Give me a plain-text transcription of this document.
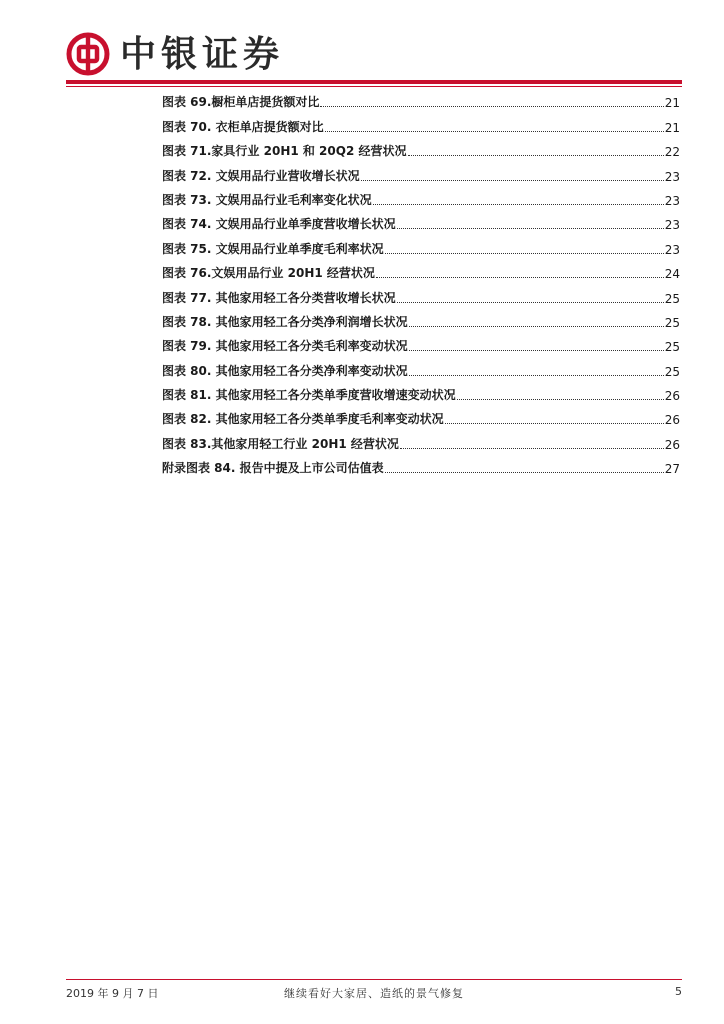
中银证券
图表 69.橱柜单店提货额对比	21
图表 70. 衣柜单店提货额对比	21
图表 71.家具行业 20H1 和 20Q2 经营状况	22
图表 72. 文娱用品行业营收增长状况	23
图表 73. 文娱用品行业毛利率变化状况	23
图表 74. 文娱用品行业单季度营收增长状况	23
图表 75. 文娱用品行业单季度毛利率状况	23
图表 76.文娱用品行业 20H1 经营状况	24
图表 77. 其他家用轻工各分类营收增长状况	25
图表 78. 其他家用轻工各分类净利润增长状况	25
图表 79. 其他家用轻工各分类毛利率变动状况	25
图表 80. 其他家用轻工各分类净利率变动状况	25
图表 81. 其他家用轻工各分类单季度营收增速变动状况	26
图表 82. 其他家用轻工各分类单季度毛利率变动状况	26
图表 83.其他家用轻工行业 20H1 经营状况	26
附录图表 84. 报告中提及上市公司估值表	27
2019 年 9 月 7 日	继续看好大家居、造纸的景气修复	5
